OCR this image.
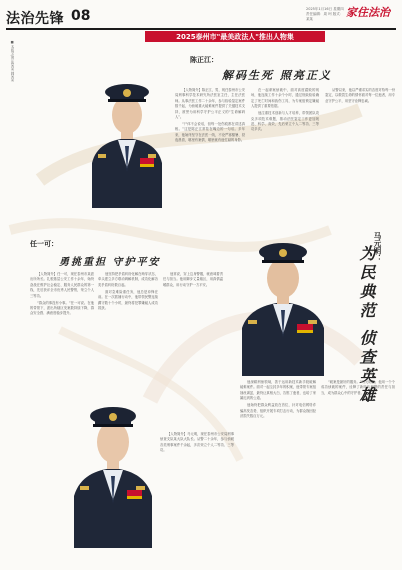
法治先锋 08	2025年1月16日 星期四
责任编辑：周 珂 版式：某某	家住法治
■ 本版文/图 张某某 韩某某
2025泰州市"最美政法人"推出人物集
陈正江：
解码生死 照亮正义

【人物简介】陈正江，男，现任泰州市公安局刑事科学技术研究所法医室主任，主任法医师。从事法医工作二十余年，参与检验鉴定案件数千起，为侦破重大疑难案件提供了关键技术支持，被誉为用科学守护公平正义的“生命解码人”。

“尸体不会说话，但每一处伤痕都在讲述真相。”这是陈正江常挂在嘴边的一句话。多年来，他始终坚守在法医一线，不论严寒酷暑、昼夜晨昏，哪里有案情，哪里就有他忙碌的身影。

在一起命案侦破中，面对高度腐败的现场，他连续工作十余个小时，通过细致检验确定了死亡时间和致伤工具，为专案组锁定嫌疑人提供了重要依据。

他注重技术创新与人才培养，带领团队攻克多项技术难题，推动法医鉴定工作更加规范、科学、高效，先后荣立个人二等功、三等功多次。

从警以来，他以严谨求实的态度对待每一份鉴定，以敬畏生命的情怀面对每一位逝者，用专业守护公平，用坚守诠释忠诚。

任一可：
勇挑重担 守护平安

【人物简介】任一可，现任泰州市某派出所所长。扎根基层公安工作十余年，始终奋战在维护社会稳定、服务人民群众的第一线，先后获评全市优秀人民警察，荣立个人三等功。

“群众的事没有小事。”任一可说。在他的带领下，派出所辖区发案数持续下降，群众安全感、满意度稳步提升。

他坚持把矛盾纠纷化解在萌芽状态，牵头建立多方联动调解机制，成功化解各类矛盾纠纷数百起。

面对急难险重任务，他总是冲锋在前。在一次抓捕行动中，他带领民警连续蹲守数十个小时，最终将犯罪嫌疑人成功抓获。

他常说，穿上这身警服，就意味着责任与担当。他用脚步丈量辖区，用真情温暖群众，用行动守护一方平安。

马元明：
为民典范 侦查英雄

【人物简介】马元明，现任泰州市公安局刑事侦查支队某大队大队长。从警二十余年，参与侦破各类刑事案件千余起，多次荣立个人二等功、三等功。

他深耕刑侦领域，善于运用新技术新手段破解疑难案件。面对一起尘封多年的积案，他带领专案组抽丝剥茧，最终让真相大白，告慰了逝者，也给了家属迟到的公道。

他始终把群众利益放在首位，针对电信网络诈骗高发态势，组织开展专项打击行动，为群众挽回经济损失数百万元。

“破案是最好的服务。”马元明说。他用一个个成功侦破的案件，诠释了新时代刑警的责任与担当，成为群众心中的守护者。
